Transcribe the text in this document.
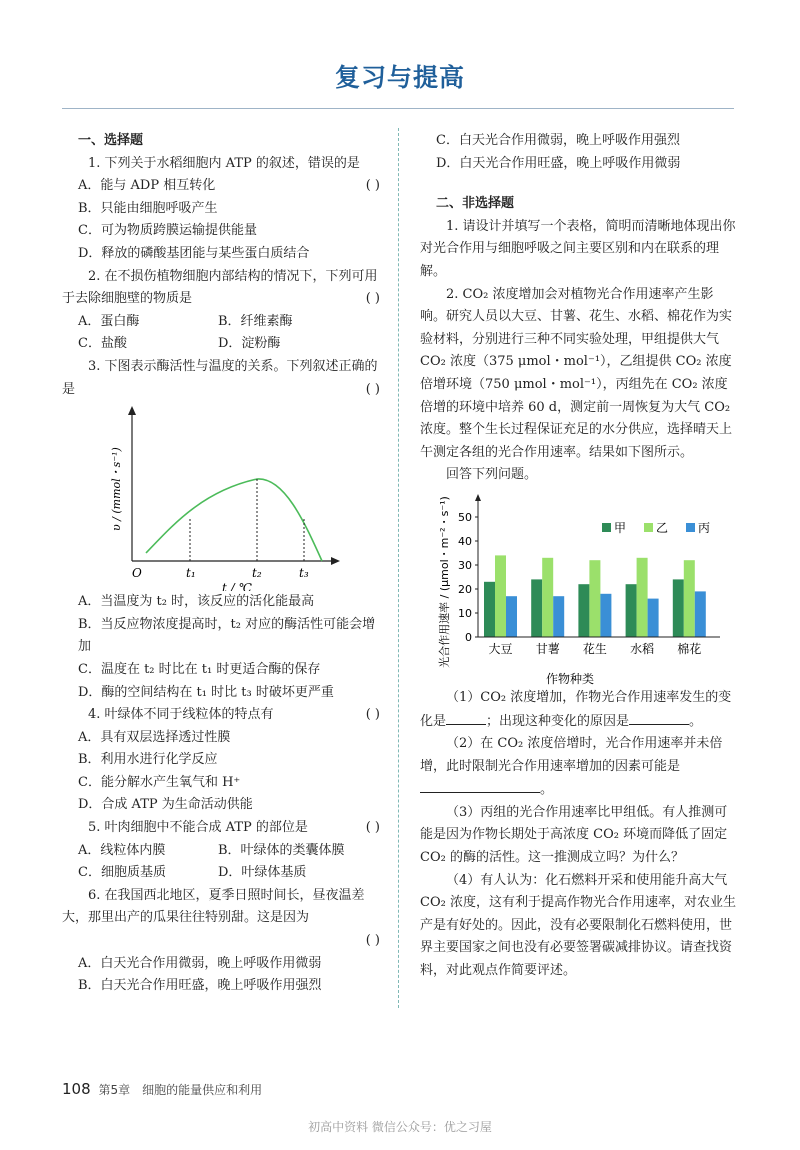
复习与提高
一、选择题
1. 下列关于水稻细胞内 ATP 的叙述，错误的是
( )
A．能与 ADP 相互转化
B．只能由细胞呼吸产生
C．可为物质跨膜运输提供能量
D．释放的磷酸基团能与某些蛋白质结合
2. 在不损伤植物细胞内部结构的情况下，下列可用于去除细胞壁的物质是	( )
A．蛋白酶	B．纤维素酶
C．盐酸	D．淀粉酶
3. 下图表示酶活性与温度的关系。下列叙述正确的是	( )
O	t₁	t₂	t₃
t / ℃
υ / (mmol・s⁻¹)
A．当温度为 t₂ 时，该反应的活化能最高
B．当反应物浓度提高时，t₂ 对应的酶活性可能会增加
C．温度在 t₂ 时比在 t₁ 时更适合酶的保存
D．酶的空间结构在 t₁ 时比 t₃ 时破坏更严重
4. 叶绿体不同于线粒体的特点有	( )
A．具有双层选择透过性膜
B．利用水进行化学反应
C．能分解水产生氧气和 H⁺
D．合成 ATP 为生命活动供能
5. 叶肉细胞中不能合成 ATP 的部位是	( )
A．线粒体内膜	B．叶绿体的类囊体膜
C．细胞质基质	D．叶绿体基质
6. 在我国西北地区，夏季日照时间长，昼夜温差大，那里出产的瓜果往往特别甜。这是因为
( )
A．白天光合作用微弱，晚上呼吸作用微弱
B．白天光合作用旺盛，晚上呼吸作用强烈
C．白天光合作用微弱，晚上呼吸作用强烈
D．白天光合作用旺盛，晚上呼吸作用微弱
二、非选择题
1. 请设计并填写一个表格，简明而清晰地体现出你对光合作用与细胞呼吸之间主要区别和内在联系的理解。
2. CO₂ 浓度增加会对植物光合作用速率产生影响。研究人员以大豆、甘薯、花生、水稻、棉花作为实验材料，分别进行三种不同实验处理，甲组提供大气 CO₂ 浓度（375 μmol・mol⁻¹），乙组提供 CO₂ 浓度倍增环境（750 μmol・mol⁻¹），丙组先在 CO₂ 浓度倍增的环境中培养 60 d，测定前一周恢复为大气 CO₂ 浓度。整个生长过程保证充足的水分供应，选择晴天上午测定各组的光合作用速率。结果如下图所示。
回答下列问题。
0
10
20
30
40
50
大豆 甘薯 花生 水稻 棉花
甲 乙 丙
作物种类
光合作用速率 / (μmol・m⁻²・s⁻¹)
（1）CO₂ 浓度增加，作物光合作用速率发生的变化是	；出现这种变化的原因是	。
（2）在 CO₂ 浓度倍增时，光合作用速率并未倍增，此时限制光合作用速率增加的因素可能是。
（3）丙组的光合作用速率比甲组低。有人推测可能是因为作物长期处于高浓度 CO₂ 环境而降低了固定 CO₂ 的酶的活性。这一推测成立吗？为什么？
（4）有人认为：化石燃料开采和使用能升高大气 CO₂ 浓度，这有利于提高作物光合作用速率，对农业生产是有好处的。因此，没有必要限制化石燃料使用，世界主要国家之间也没有必要签署碳减排协议。请查找资料，对此观点作简要评述。
108 第5章　细胞的能量供应和利用
初高中资料 微信公众号：优之习屋
